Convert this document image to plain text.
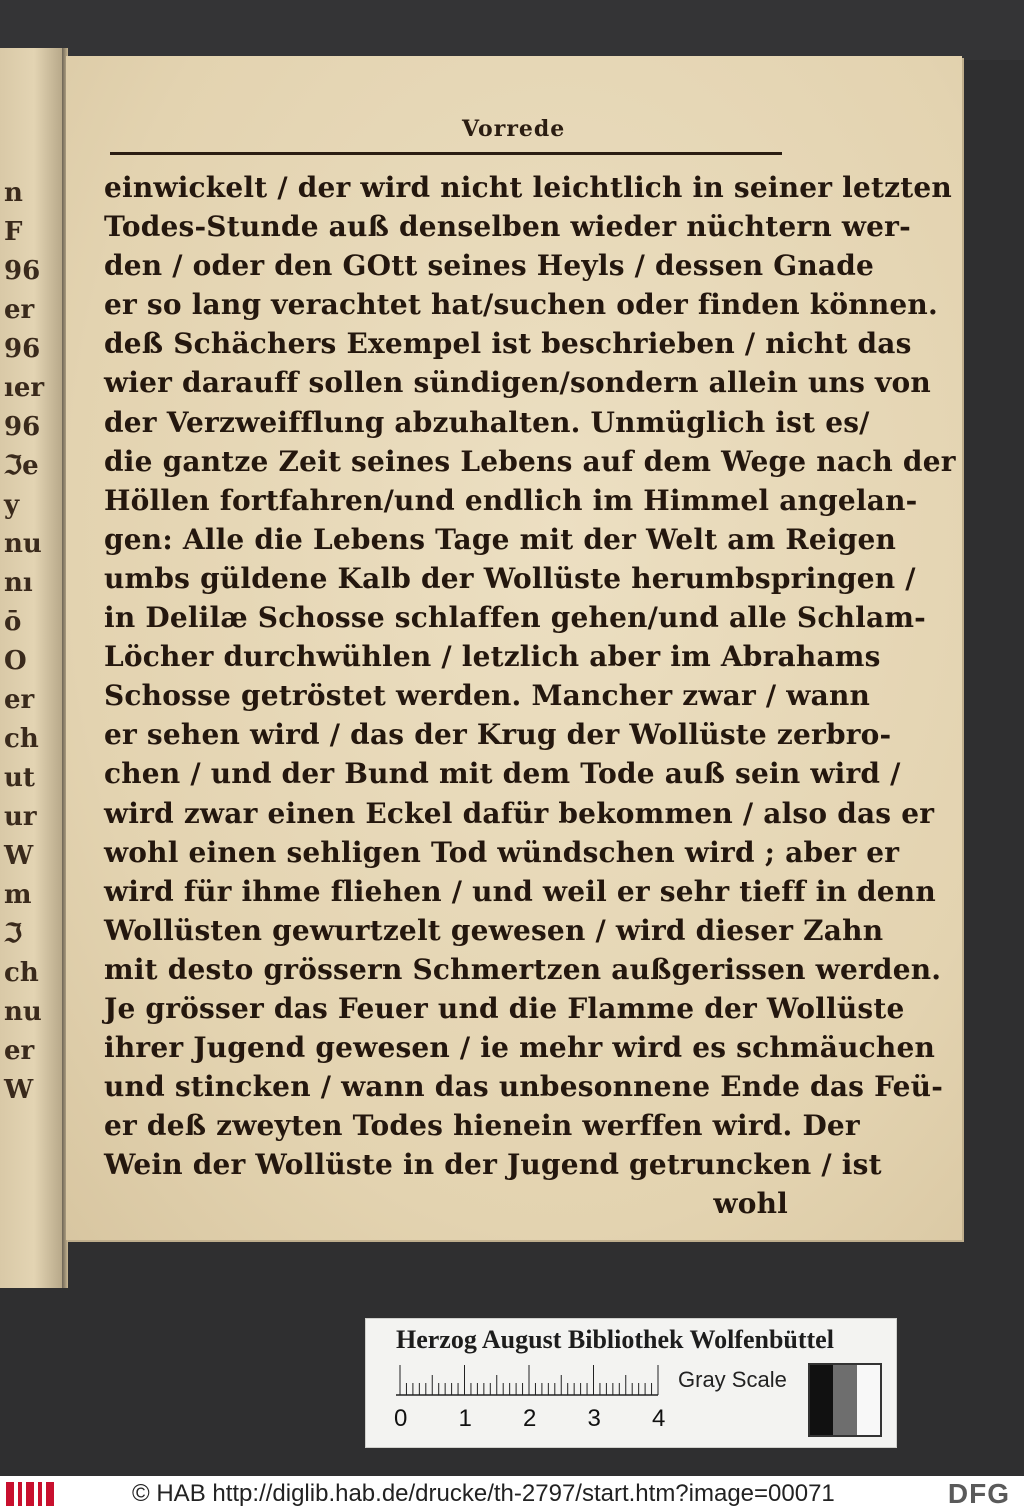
n
F
96
er
96
ıer
96
ℑe
y
nu
nı
ō
O
er
ch
ut
ur
W
m
ℑ
ch
nu
er
W
Vorrede
einwickelt / der wird nicht leichtlich in seiner letzten
Todes-Stunde auß denselben wieder nüchtern wer-
den / oder den GOtt seines Heyls / dessen Gnade
er so lang verachtet hat/suchen oder finden können.
deß Schächers Exempel ist beschrieben / nicht das
wier darauff sollen sündigen/sondern allein uns von
der Verzweifflung abzuhalten. Unmüglich ist es/
die gantze Zeit seines Lebens auf dem Wege nach der
Höllen fortfahren/und endlich im Himmel angelan-
gen: Alle die Lebens Tage mit der Welt am Reigen
umbs güldene Kalb der Wollüste herumbspringen /
in Delilæ Schosse schlaffen gehen/und alle Schlam-
Löcher durchwühlen / letzlich aber im Abrahams
Schosse getröstet werden. Mancher zwar / wann
er sehen wird / das der Krug der Wollüste zerbro-
chen / und der Bund mit dem Tode auß sein wird /
wird zwar einen Eckel dafür bekommen / also das er
wohl einen sehligen Tod wündschen wird ; aber er
wird für ihme fliehen / und weil er sehr tieff in denn
Wollüsten gewurtzelt gewesen / wird dieser Zahn
mit desto grössern Schmertzen außgerissen werden.
Je grösser das Feuer und die Flamme der Wollüste
ihrer Jugend gewesen / ie mehr wird es schmäuchen
und stincken / wann das unbesonnene Ende das Feü-
er deß zweyten Todes hienein werffen wird. Der
Wein der Wollüste in der Jugend getruncken / ist
wohl
Herzog August Bibliothek Wolfenbüttel
Gray Scale
0 1 2 3 4
© HAB http://diglib.hab.de/drucke/th-2797/start.htm?image=00071	DFG
